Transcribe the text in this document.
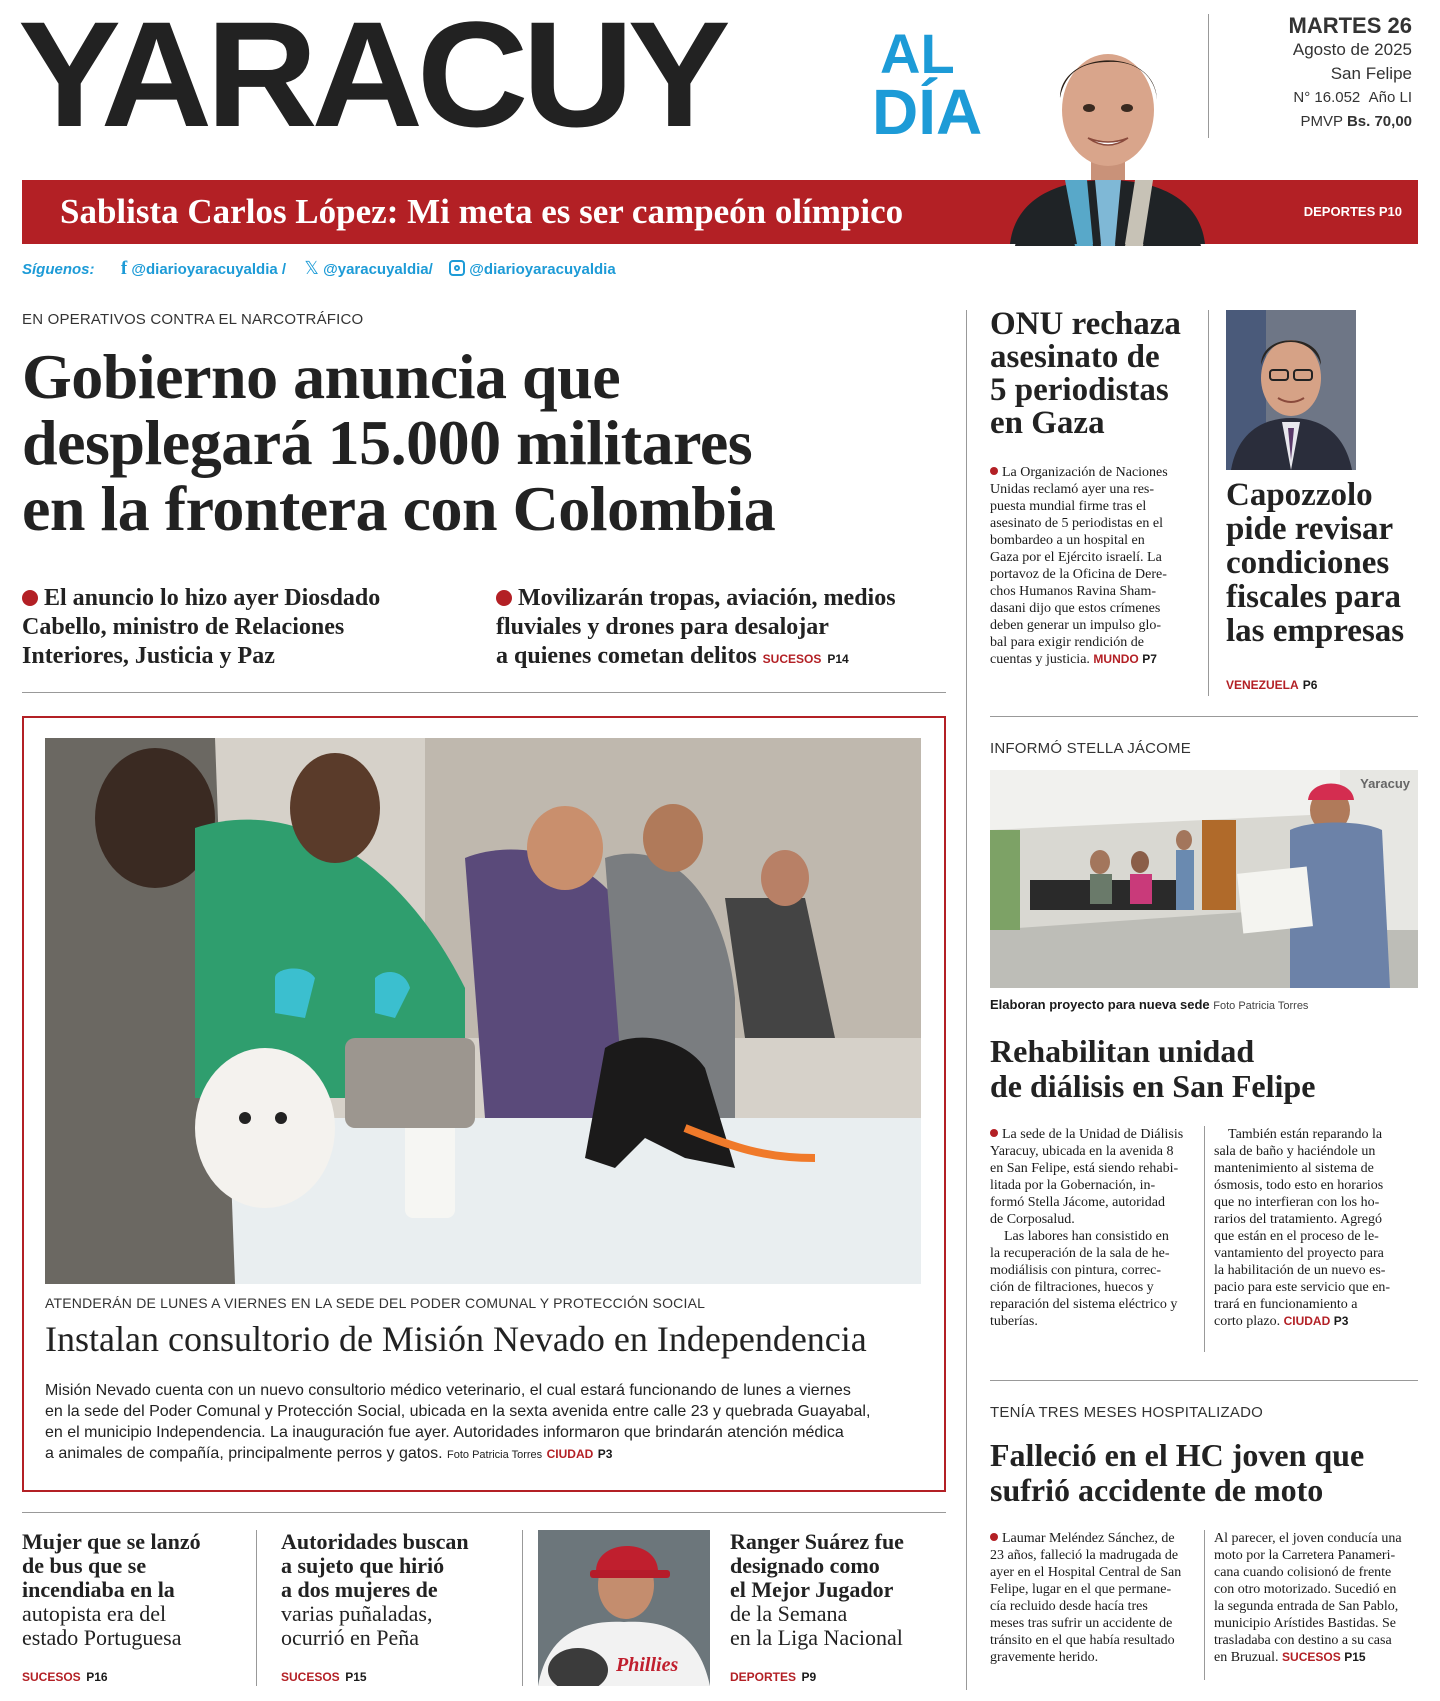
YARACUY	AL
DÍA
MARTES 26
Agosto de 2025
San Felipe
N° 16.052 Año LI
PMVP Bs. 70,00
Sablista Carlos López: Mi meta es ser campeón olímpico	DEPORTES P10
Síguenos: f @diarioyaracuyaldia / 𝕏 @yaracuyaldia/ @diarioyaracuyaldia
EN OPERATIVOS CONTRA EL NARCOTRÁFICO
Gobierno anuncia que
desplegará 15.000 militares
en la frontera con Colombia
El anuncio lo hizo ayer Diosdado
Cabello, ministro de Relaciones
Interiores, Justicia y Paz
Movilizarán tropas, aviación, medios
fluviales y drones para desalojar
a quienes cometan delitos SUCESOS P14
ATENDERÁN DE LUNES A VIERNES EN LA SEDE DEL PODER COMUNAL Y PROTECCIÓN SOCIAL
Instalan consultorio de Misión Nevado en Independencia
Misión Nevado cuenta con un nuevo consultorio médico veterinario, el cual estará funcionando de lunes a viernes
en la sede del Poder Comunal y Protección Social, ubicada en la sexta avenida entre calle 23 y quebrada Guayabal,
en el municipio Independencia. La inauguración fue ayer. Autoridades informaron que brindarán atención médica
a animales de compañía, principalmente perros y gatos. Foto Patricia Torres CIUDAD P3
Mujer que se lanzó
de bus que se
incendiaba en la
autopista era del
estado Portuguesa
SUCESOS P16
Autoridades buscan
a sujeto que hirió
a dos mujeres de
varias puñaladas,
ocurrió en Peña
SUCESOS P15
Phillies
Ranger Suárez fue
designado como
el Mejor Jugador
de la Semana
en la Liga Nacional
DEPORTES P9
ONU rechaza
asesinato de
5 periodistas
en Gaza
La Organización de Naciones
Unidas reclamó ayer una res-
puesta mundial firme tras el
asesinato de 5 periodistas en el
bombardeo a un hospital en
Gaza por el Ejército israelí. La
portavoz de la Oficina de Dere-
chos Humanos Ravina Sham-
dasani dijo que estos crímenes
deben generar un impulso glo-
bal para exigir rendición de
cuentas y justicia. MUNDO P7
Capozzolo
pide revisar
condiciones
fiscales para
las empresas
VENEZUELA P6
INFORMÓ STELLA JÁCOME
Yaracuy
Elaboran proyecto para nueva sede Foto Patricia Torres
Rehabilitan unidad
de diálisis en San Felipe
La sede de la Unidad de Diálisis
Yaracuy, ubicada en la avenida 8
en San Felipe, está siendo rehabi-
litada por la Gobernación, in-
formó Stella Jácome, autoridad
de Corposalud.
Las labores han consistido en
la recuperación de la sala de he-
modiálisis con pintura, correc-
ción de filtraciones, huecos y
reparación del sistema eléctrico y
tuberías.
También están reparando la
sala de baño y haciéndole un
mantenimiento al sistema de
ósmosis, todo esto en horarios
que no interfieran con los ho-
rarios del tratamiento. Agregó
que están en el proceso de le-
vantamiento del proyecto para
la habilitación de un nuevo es-
pacio para este servicio que en-
trará en funcionamiento a
corto plazo. CIUDAD P3
TENÍA TRES MESES HOSPITALIZADO
Falleció en el HC joven que
sufrió accidente de moto
Laumar Meléndez Sánchez, de
23 años, falleció la madrugada de
ayer en el Hospital Central de San
Felipe, lugar en el que permane-
cía recluido desde hacía tres
meses tras sufrir un accidente de
tránsito en el que había resultado
gravemente herido.
Al parecer, el joven conducía una
moto por la Carretera Panameri-
cana cuando colisionó de frente
con otro motorizado. Sucedió en
la segunda entrada de San Pablo,
municipio Arístides Bastidas. Se
trasladaba con destino a su casa
en Bruzual. SUCESOS P15
